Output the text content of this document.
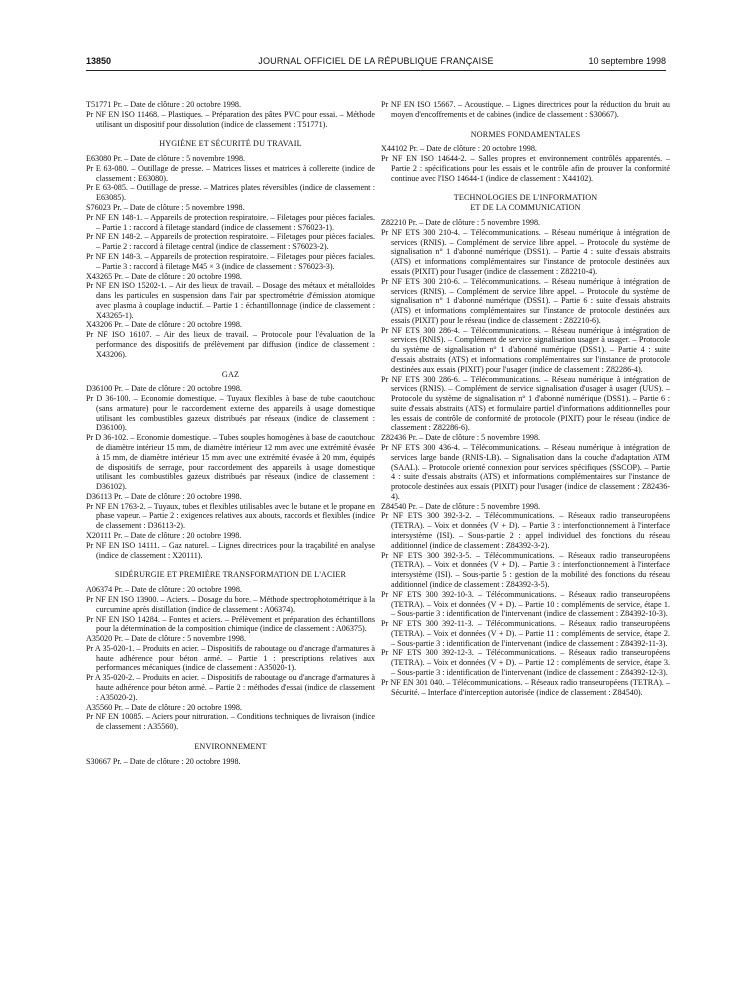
13850	JOURNAL OFFICIEL DE LA RÉPUBLIQUE FRANÇAISE	10 septembre 1998
T51771 Pr. – Date de clôture : 20 octobre 1998.
Pr NF EN ISO 11468. – Plastiques. – Préparation des pâtes PVC pour essai. – Méthode utilisant un dispositif pour dissolution (indice de classement : T51771).
HYGIÈNE ET SÉCURITÉ DU TRAVAIL
E63080 Pr. – Date de clôture : 5 novembre 1998.
Pr E 63-080. – Outillage de presse. – Matrices lisses et matrices à collerette (indice de classement : E63080).
Pr E 63-085. – Outillage de presse. – Matrices plates réversibles (indice de classement : E63085).
S76023 Pr. – Date de clôture : 5 novembre 1998.
Pr NF EN 148-1. – Appareils de protection respiratoire. – Filetages pour pièces faciales. – Partie 1 : raccord à filetage standard (indice de classement : S76023-1).
Pr NF EN 148-2. – Appareils de protection respiratoire. – Filetages pour pièces faciales. – Partie 2 : raccord à filetage central (indice de classement : S76023-2).
Pr NF EN 148-3. – Appareils de protection respiratoire. – Filetages pour pièces faciales. – Partie 3 : raccord à filetage M45 × 3 (indice de classement : S76023-3).
X43265 Pr. – Date de clôture : 20 octobre 1998.
Pr NF EN ISO 15202-1. – Air des lieux de travail. – Dosage des métaux et métalloïdes dans les particules en suspension dans l'air par spectrométrie d'émission atomique avec plasma à couplage inductif. – Partie 1 : échantillonnage (indice de classement : X43265-1).
X43206 Pr. – Date de clôture : 20 octobre 1998.
Pr NF ISO 16107. – Air des lieux de travail. – Protocole pour l'évaluation de la performance des dispositifs de prélèvement par diffusion (indice de classement : X43206).
GAZ
D36100 Pr. – Date de clôture : 20 octobre 1998.
Pr D 36-100. – Economie domestique. – Tuyaux flexibles à base de tube caoutchouc (sans armature) pour le raccordement externe des appareils à usage domestique utilisant les combustibles gazeux distribués par réseaux (indice de classement : D36100).
Pr D 36-102. – Economie domestique. – Tubes souples homogènes à base de caoutchouc de diamètre intérieur 15 mm, de diamètre intérieur 12 mm avec une extrémité évasée à 15 mm, de diamètre intérieur 15 mm avec une extrémité évasée à 20 mm, équipés de dispositifs de serrage, pour raccordement des appareils à usage domestique utilisant les combustibles gazeux distribués par réseaux (indice de classement : D36102).
D36113 Pr. – Date de clôture : 20 octobre 1998.
Pr NF EN 1763-2. – Tuyaux, tubes et flexibles utilisables avec le butane et le propane en phase vapeur. – Partie 2 : exigences relatives aux abouts, raccords et flexibles (indice de classement : D36113-2).
X20111 Pr. – Date de clôture : 20 octobre 1998.
Pr NF EN ISO 14111. – Gaz naturel. – Lignes directrices pour la traçabilité en analyse (indice de classement : X20111).
SIDÉRURGIE ET PREMIÈRE TRANSFORMATION DE L'ACIER
A06374 Pr. – Date de clôture : 20 octobre 1998.
Pr NF EN ISO 13900. – Aciers. – Dosage du bore. – Méthode spectrophotométrique à la curcumine après distillation (indice de classement : A06374).
Pr NF EN ISO 14284. – Fontes et aciers. – Prélèvement et préparation des échantillons pour la détermination de la composition chimique (indice de classement : A06375).
A35020 Pr. – Date de clôture : 5 novembre 1998.
Pr A 35-020-1. – Produits en acier. – Dispositifs de raboutage ou d'ancrage d'armatures à haute adhérence pour béton armé. – Partie 1 : prescriptions relatives aux performances mécaniques (indice de classement : A35020-1).
Pr A 35-020-2. – Produits en acier. – Dispositifs de raboutage ou d'ancrage d'armatures à haute adhérence pour béton armé. – Partie 2 : méthodes d'essai (indice de classement : A35020-2).
A35560 Pr. – Date de clôture : 20 octobre 1998.
Pr NF EN 10085. – Aciers pour nitruration. – Conditions techniques de livraison (indice de classement : A35560).
ENVIRONNEMENT
S30667 Pr. – Date de clôture : 20 octobre 1998.
Pr NF EN ISO 15667. – Acoustique. – Lignes directrices pour la réduction du bruit au moyen d'encoffrements et de cabines (indice de classement : S30667).
NORMES FONDAMENTALES
X44102 Pr. – Date de clôture : 20 octobre 1998.
Pr NF EN ISO 14644-2. – Salles propres et environnement contrôlés apparentés. – Partie 2 : spécifications pour les essais et le contrôle afin de prouver la conformité continue avec l'ISO 14644-1 (indice de classement : X44102).
TECHNOLOGIES DE L'INFORMATION
ET DE LA COMMUNICATION
Z82210 Pr. – Date de clôture : 5 novembre 1998.
Pr NF ETS 300 210-4. – Télécommunications. – Réseau numérique à intégration de services (RNIS). – Complément de service libre appel. – Protocole du système de signalisation n° 1 d'abonné numérique (DSS1). – Partie 4 : suite d'essais abstraits (ATS) et informations complémentaires sur l'instance de protocole destinées aux essais (PIXIT) pour l'usager (indice de classement : Z82210-4).
Pr NF ETS 300 210-6. – Télécommunications. – Réseau numérique à intégration de services (RNIS). – Complément de service libre appel. – Protocole du système de signalisation n° 1 d'abonné numérique (DSS1). – Partie 6 : suite d'essais abstraits (ATS) et informations complémentaires sur l'instance de protocole destinées aux essais (PIXIT) pour le réseau (indice de classement : Z82210-6).
Pr NF ETS 300 286-4. – Télécommunications. – Réseau numérique à intégration de services (RNIS). – Complément de service signalisation usager à usager. – Protocole du système de signalisation n° 1 d'abonné numérique (DSS1). – Partie 4 : suite d'essais abstraits (ATS) et informations complémentaires sur l'instance de protocole destinées aux essais (PIXIT) pour l'usager (indice de classement : Z82286-4).
Pr NF ETS 300 286-6. – Télécommunications. – Réseau numérique à intégration de services (RNIS). – Complément de service signalisation d'usager à usager (UUS). – Protocole du système de signalisation n° 1 d'abonné numérique (DSS1). – Partie 6 : suite d'essais abstraits (ATS) et formulaire partiel d'informations additionnelles pour les essais de contrôle de conformité de protocole (PIXIT) pour le réseau (indice de classement : Z82286-6).
Z82436 Pr. – Date de clôture : 5 novembre 1998.
Pr NF ETS 300 436-4. – Télécommunications. – Réseau numérique à intégration de services large bande (RNIS-LB). – Signalisation dans la couche d'adaptation ATM (SAAL). – Protocole orienté connexion pour services spécifiques (SSCOP). – Partie 4 : suite d'essais abstraits (ATS) et informations complémentaires sur l'instance de protocole destinées aux essais (PIXIT) pour l'usager (indice de classement : Z82436-4).
Z84540 Pr. – Date de clôture : 5 novembre 1998.
Pr NF ETS 300 392-3-2. – Télécommunications. – Réseaux radio transeuropéens (TETRA). – Voix et données (V + D). – Partie 3 : interfonctionnement à l'interface intersystème (ISI). – Sous-partie 2 : appel individuel des fonctions du réseau additionnel (indice de classement : Z84392-3-2).
Pr NF ETS 300 392-3-5. – Télécommunications. – Réseaux radio transeuropéens (TETRA). – Voix et données (V + D). – Partie 3 : interfonctionnement à l'interface intersystème (ISI). – Sous-partie 5 : gestion de la mobilité des fonctions du réseau additionnel (indice de classement : Z84392-3-5).
Pr NF ETS 300 392-10-3. – Télécommunications. – Réseaux radio transeuropéens (TETRA). – Voix et données (V + D). – Partie 10 : compléments de service, étape 1. – Sous-partie 3 : identification de l'intervenant (indice de classement : Z84392-10-3).
Pr NF ETS 300 392-11-3. – Télécommunications. – Réseaux radio transeuropéens (TETRA). – Voix et données (V + D). – Partie 11 : compléments de service, étape 2. – Sous-partie 3 : identification de l'intervenant (indice de classement : Z84392-11-3).
Pr NF ETS 300 392-12-3. – Télécommunications. – Réseaux radio transeuropéens (TETRA). – Voix et données (V + D). – Partie 12 : compléments de service, étape 3. – Sous-partie 3 : identification de l'intervenant (indice de classement : Z84392-12-3).
Pr NF EN 301 040. – Télécommunications. – Réseaux radio transeuropéens (TETRA). – Sécurité. – Interface d'interception autorisée (indice de classement : Z84540).
